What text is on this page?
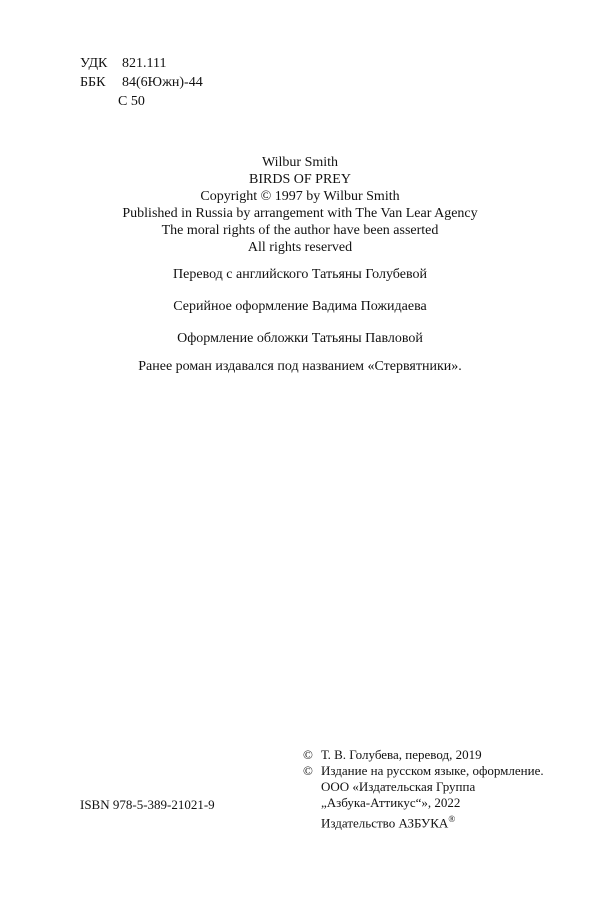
УДК	821.111
ББК	84(6Южн)-44
С 50
Wilbur Smith
BIRDS OF PREY
Copyright © 1997 by Wilbur Smith
Published in Russia by arrangement with The Van Lear Agency
The moral rights of the author have been asserted
All rights reserved
Перевод с английского Татьяны Голубевой
Серийное оформление Вадима Пожидаева
Оформление обложки Татьяны Павловой
Ранее роман издавался под названием «Стервятники».
© Т. В. Голубева, перевод, 2019
© Издание на русском языке, оформление.
ООО «Издательская Группа
„Азбука-Аттикус“», 2022
Издательство АЗБУКА®
ISBN 978-5-389-21021-9
